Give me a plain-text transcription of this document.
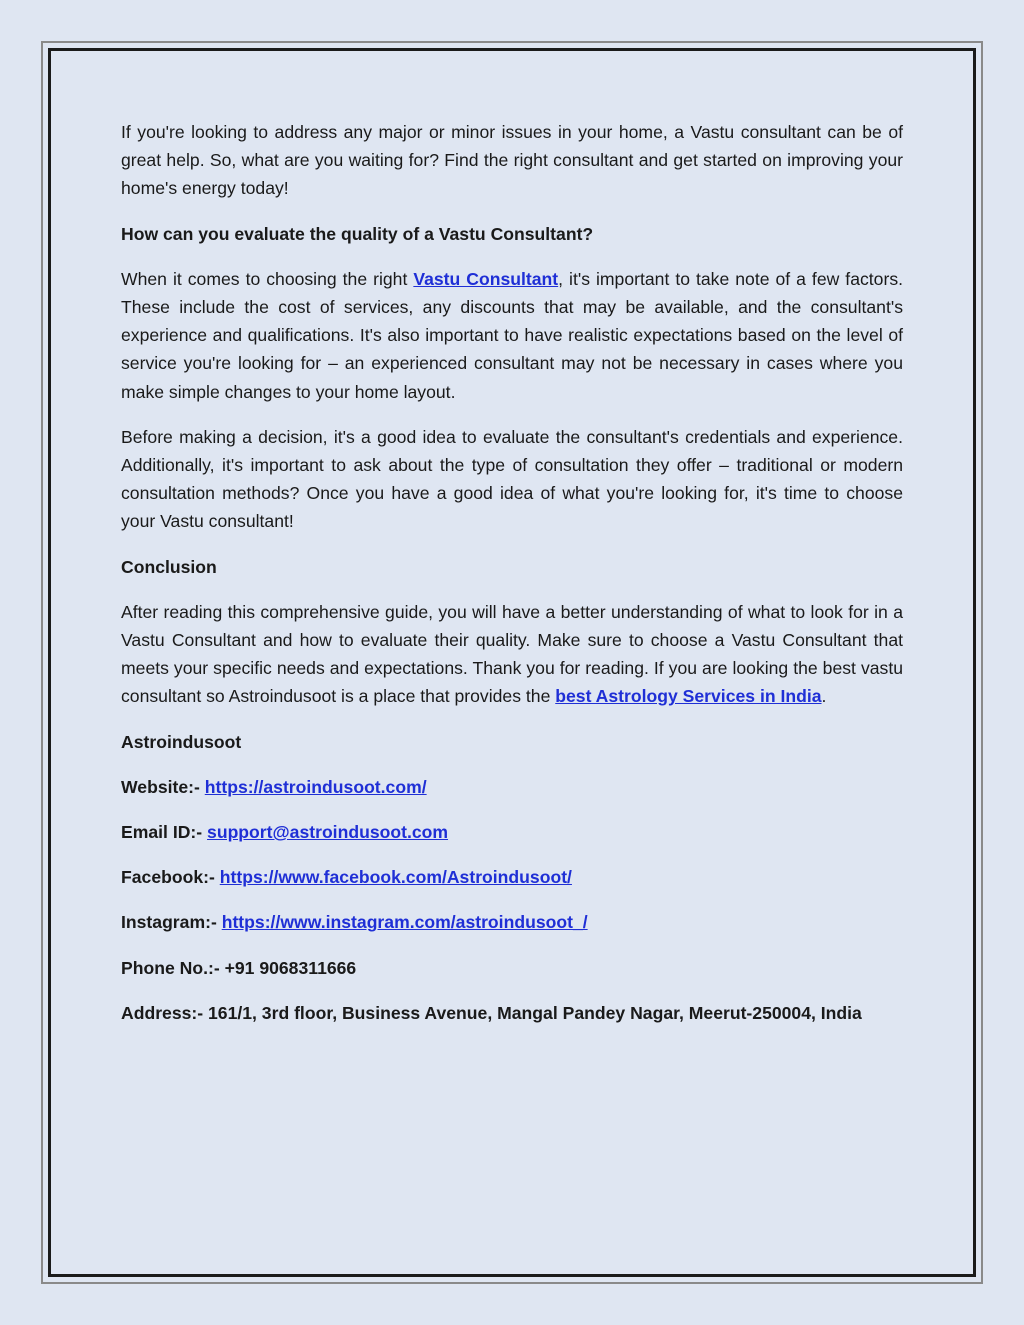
If you're looking to address any major or minor issues in your home, a Vastu consultant can be of great help. So, what are you waiting for? Find the right consultant and get started on improving your home's energy today!

How can you evaluate the quality of a Vastu Consultant?

When it comes to choosing the right Vastu Consultant, it's important to take note of a few factors. These include the cost of services, any discounts that may be available, and the consultant's experience and qualifications. It's also important to have realistic expectations based on the level of service you're looking for – an experienced consultant may not be necessary in cases where you make simple changes to your home layout.

Before making a decision, it's a good idea to evaluate the consultant's credentials and experience. Additionally, it's important to ask about the type of consultation they offer – traditional or modern consultation methods? Once you have a good idea of what you're looking for, it's time to choose your Vastu consultant!

Conclusion

After reading this comprehensive guide, you will have a better understanding of what to look for in a Vastu Consultant and how to evaluate their quality. Make sure to choose a Vastu Consultant that meets your specific needs and expectations. Thank you for reading. If you are looking the best vastu consultant so Astroindusoot is a place that provides the best Astrology Services in India.

Astroindusoot

Website:- https://astroindusoot.com/

Email ID:- support@astroindusoot.com

Facebook:- https://www.facebook.com/Astroindusoot/

Instagram:- https://www.instagram.com/astroindusoot_/

Phone No.:- +91 9068311666

Address:- 161/1, 3rd floor, Business Avenue, Mangal Pandey Nagar, Meerut-250004, India
